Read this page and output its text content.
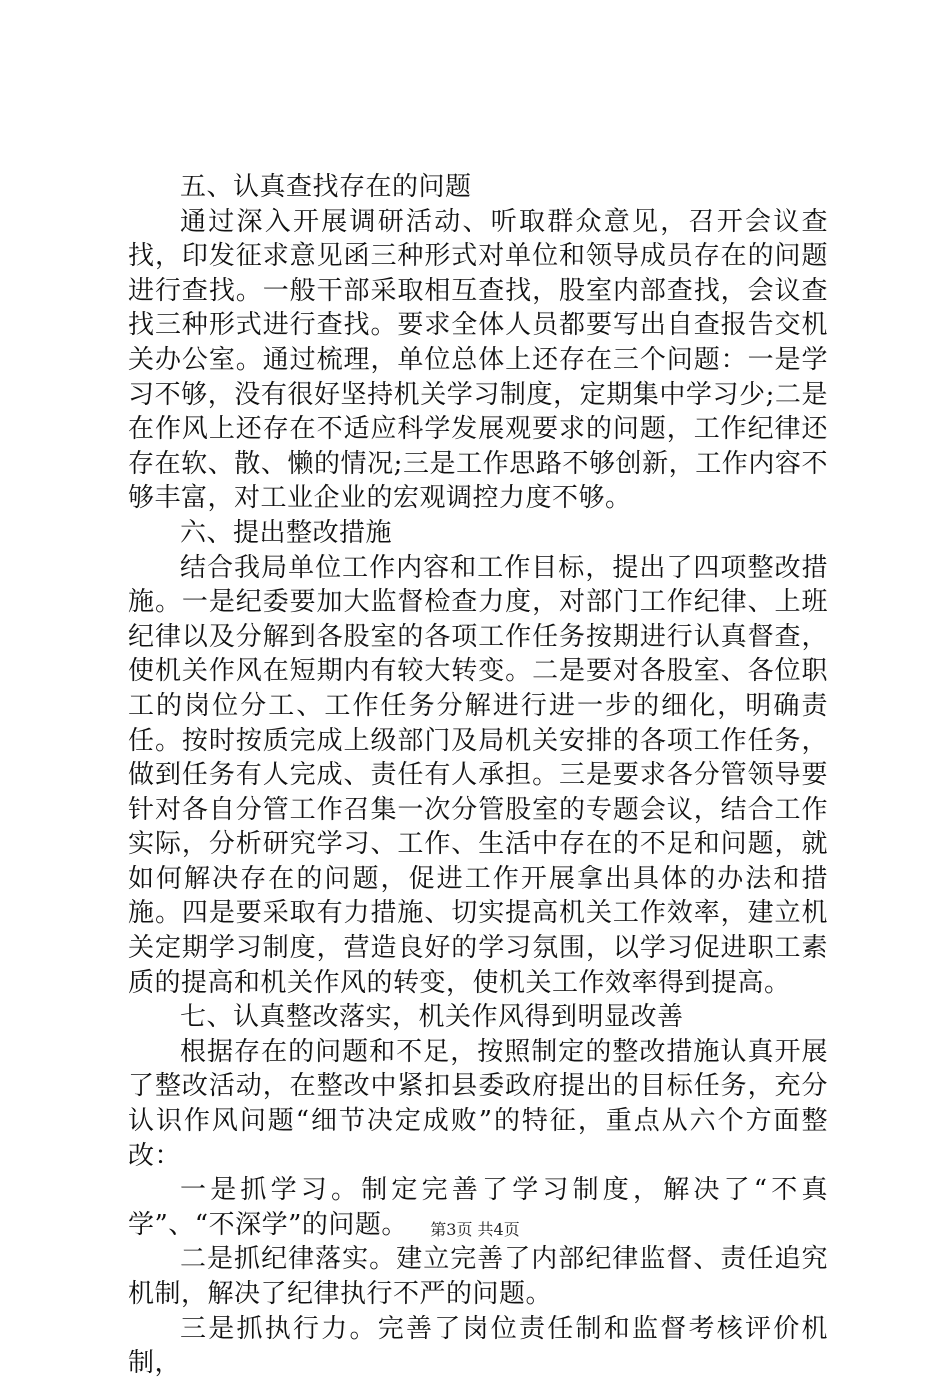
五、认真查找存在的问题

通过深入开展调研活动、听取群众意见，召开会议查找，印发征求意见函三种形式对单位和领导成员存在的问题进行查找。一般干部采取相互查找，股室内部查找，会议查找三种形式进行查找。要求全体人员都要写出自查报告交机关办公室。通过梳理，单位总体上还存在三个问题：一是学习不够，没有很好坚持机关学习制度，定期集中学习少;二是在作风上还存在不适应科学发展观要求的问题，工作纪律还存在软、散、懒的情况;三是工作思路不够创新，工作内容不够丰富，对工业企业的宏观调控力度不够。

六、提出整改措施

结合我局单位工作内容和工作目标，提出了四项整改措施。一是纪委要加大监督检查力度，对部门工作纪律、上班纪律以及分解到各股室的各项工作任务按期进行认真督查，使机关作风在短期内有较大转变。二是要对各股室、各位职工的岗位分工、工作任务分解进行进一步的细化，明确责任。按时按质完成上级部门及局机关安排的各项工作任务，做到任务有人完成、责任有人承担。三是要求各分管领导要针对各自分管工作召集一次分管股室的专题会议，结合工作实际，分析研究学习、工作、生活中存在的不足和问题，就如何解决存在的问题，促进工作开展拿出具体的办法和措施。四是要采取有力措施、切实提高机关工作效率，建立机关定期学习制度，营造良好的学习氛围，以学习促进职工素质的提高和机关作风的转变，使机关工作效率得到提高。

七、认真整改落实，机关作风得到明显改善

根据存在的问题和不足，按照制定的整改措施认真开展了整改活动，在整改中紧扣县委政府提出的目标任务，充分认识作风问题“细节决定成败”的特征，重点从六个方面整改：

一是抓学习。制定完善了学习制度，解决了“不真学”、“不深学”的问题。

二是抓纪律落实。建立完善了内部纪律监督、责任追究机制，解决了纪律执行不严的问题。

三是抓执行力。完善了岗位责任制和监督考核评价机制，

第3页 共4页
